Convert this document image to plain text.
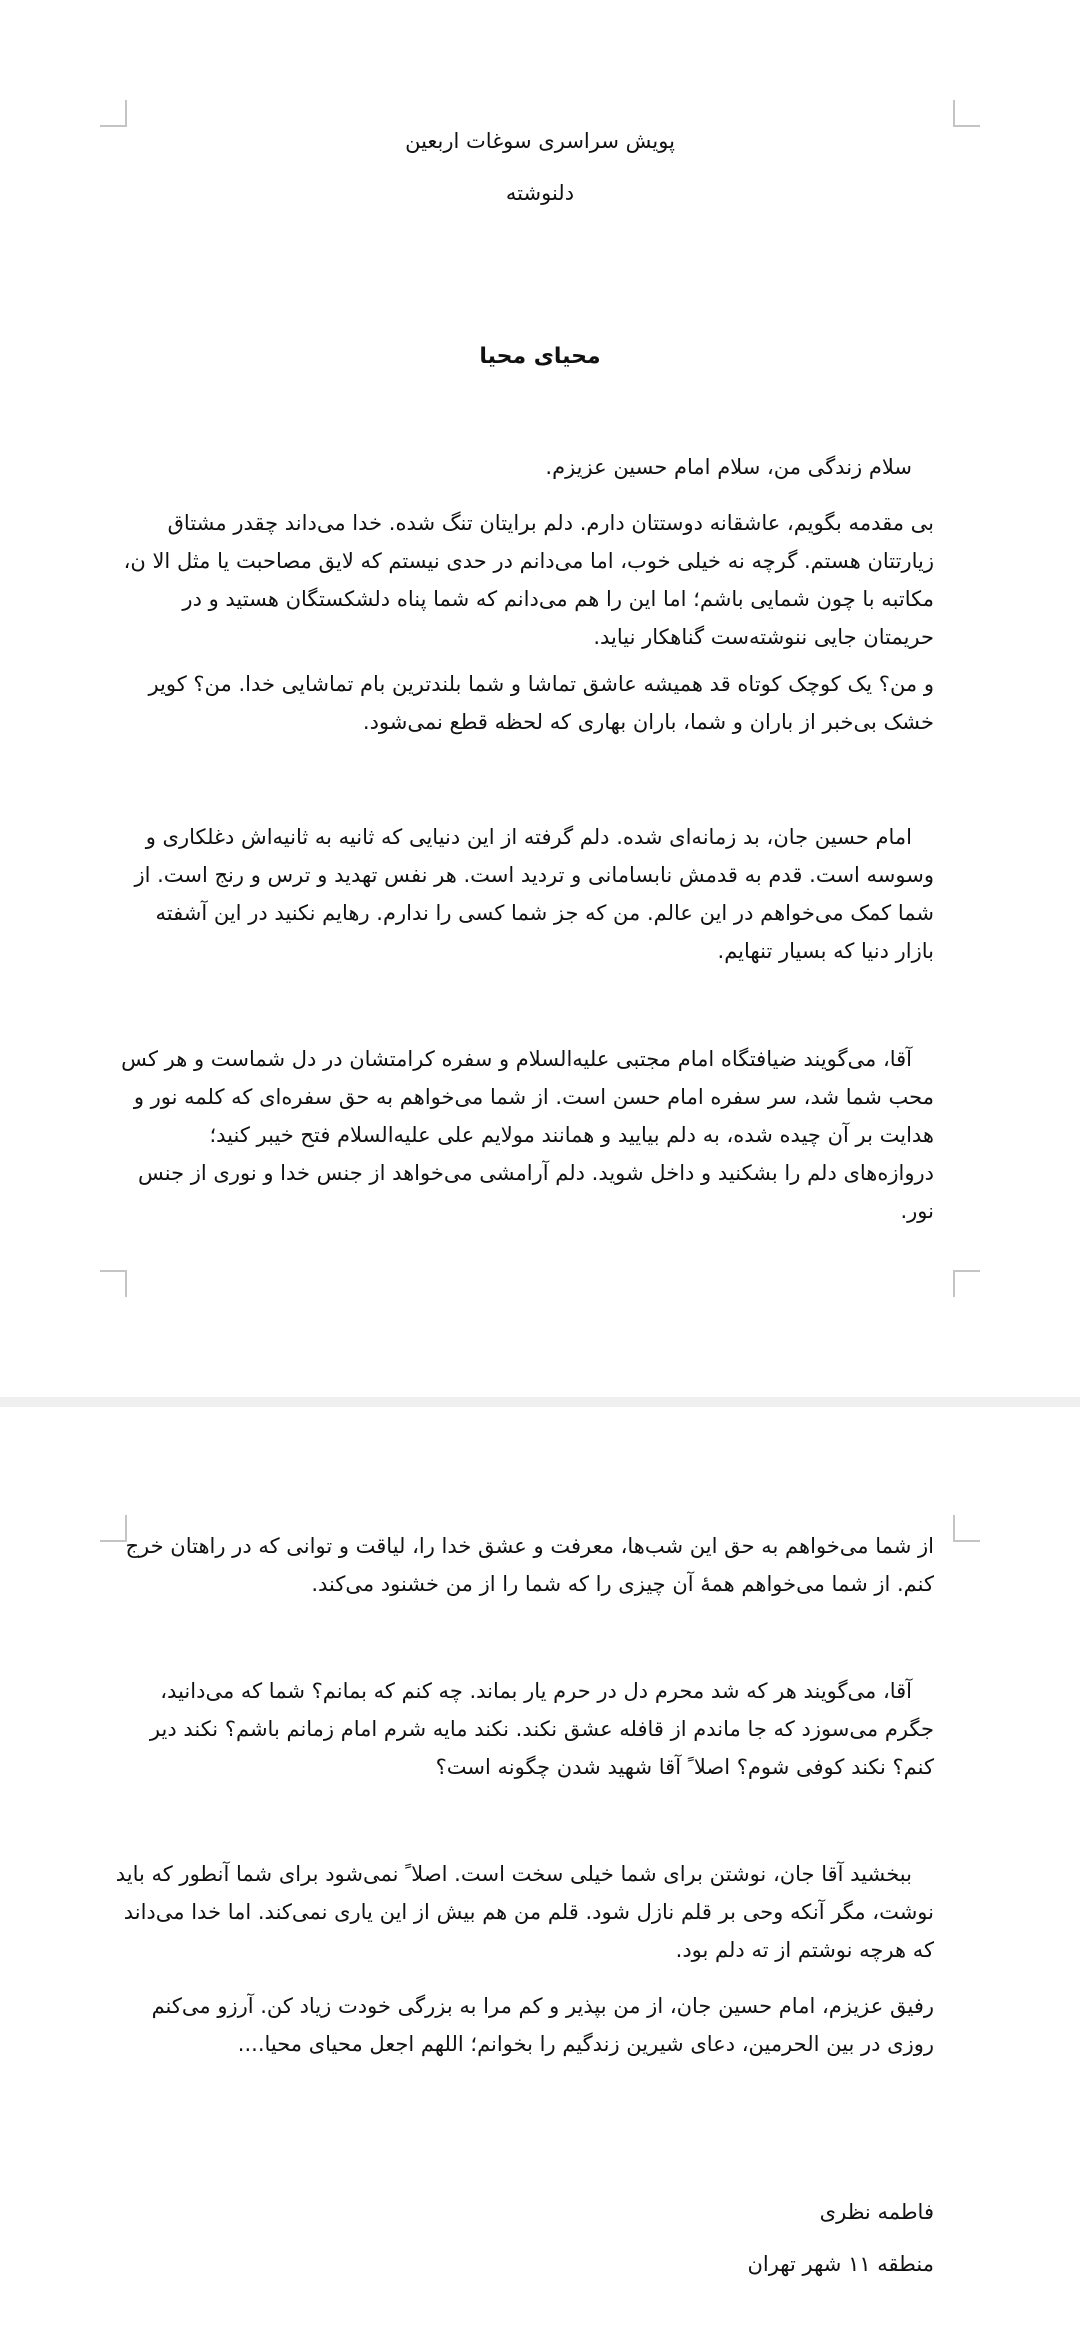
پویش سراسری سوغات اربعین
دلنوشته
محیای محیا
سلام زندگی من، سلام امام حسین عزیزم.
بی مقدمه بگویم، عاشقانه دوستتان دارم. دلم برایتان تنگ شده. خدا می‌داند چقدر مشتاق زیارتتان هستم. گرچه نه خیلی خوب، اما می‌دانم در حدی نیستم که لایق مصاحبت یا مثل الا ن، مکاتبه با چون شمایی باشم؛ اما این را هم می‌دانم که شما پناه دلشکستگان هستید و در حریمتان جایی ننوشته‌ست گناهکار نیاید.
و من؟ یک کوچک کوتاه قد همیشه عاشق تماشا و شما بلندترین بام تماشایی خدا. من؟ کویر خشک بی‌خبر از باران و شما، باران بهاری که لحظه قطع نمی‌شود.
امام حسین جان، بد زمانه‌ای شده. دلم گرفته از این دنیایی که ثانیه به ثانیه‌اش دغلکاری و وسوسه است. قدم به قدمش نابسامانی و تردید است. هر نفس تهدید و ترس و رنج است. از شما کمک می‌خواهم در این عالم. من که جز شما کسی را ندارم. رهایم نکنید در این آشفته بازار دنیا که بسیار تنهایم.
آقا، می‌گویند ضیافتگاه امام مجتبی علیه‌السلام و سفره کرامتشان در دل شماست و هر کس محب شما شد، سر سفره امام حسن است. از شما می‌خواهم به حق سفره‌ای که کلمه نور و هدایت بر آن چیده شده، به دلم بیایید و همانند مولایم علی علیه‌السلام فتح خیبر کنید؛ دروازه‌های دلم را بشکنید و داخل شوید. دلم آرامشی می‌خواهد از جنس خدا و نوری از جنس نور.
از شما می‌خواهم به حق این شب‌ها، معرفت و عشق خدا را، لیاقت و توانی که در راهتان خرج کنم. از شما می‌خواهم همهٔ آن چیزی را که شما را از من خشنود می‌کند.
آقا، می‌گویند هر که شد محرم دل در حرم یار بماند. چه کنم که بمانم؟ شما که می‌دانید، جگرم می‌سوزد که جا ماندم از قافله عشق نکند. نکند مایه شرم امام زمانم باشم؟ نکند دیر کنم؟ نکند کوفی شوم؟ اصلا ً آقا شهید شدن چگونه است؟
ببخشید آقا جان، نوشتن برای شما خیلی سخت است. اصلا ً نمی‌شود برای شما آنطور که باید نوشت، مگر آنکه وحی بر قلم نازل شود. قلم من هم بیش از این یاری نمی‌کند. اما خدا می‌داند که هرچه نوشتم از ته دلم بود.
رفیق عزیزم، امام حسین جان، از من بپذیر و کم مرا به بزرگی خودت زیاد کن. آرزو می‌کنم روزی در بین الحرمین، دعای شیرین زندگیم را بخوانم؛ اللهم اجعل محیای محیا....
فاطمه نظری
منطقه ۱۱ شهر تهران
